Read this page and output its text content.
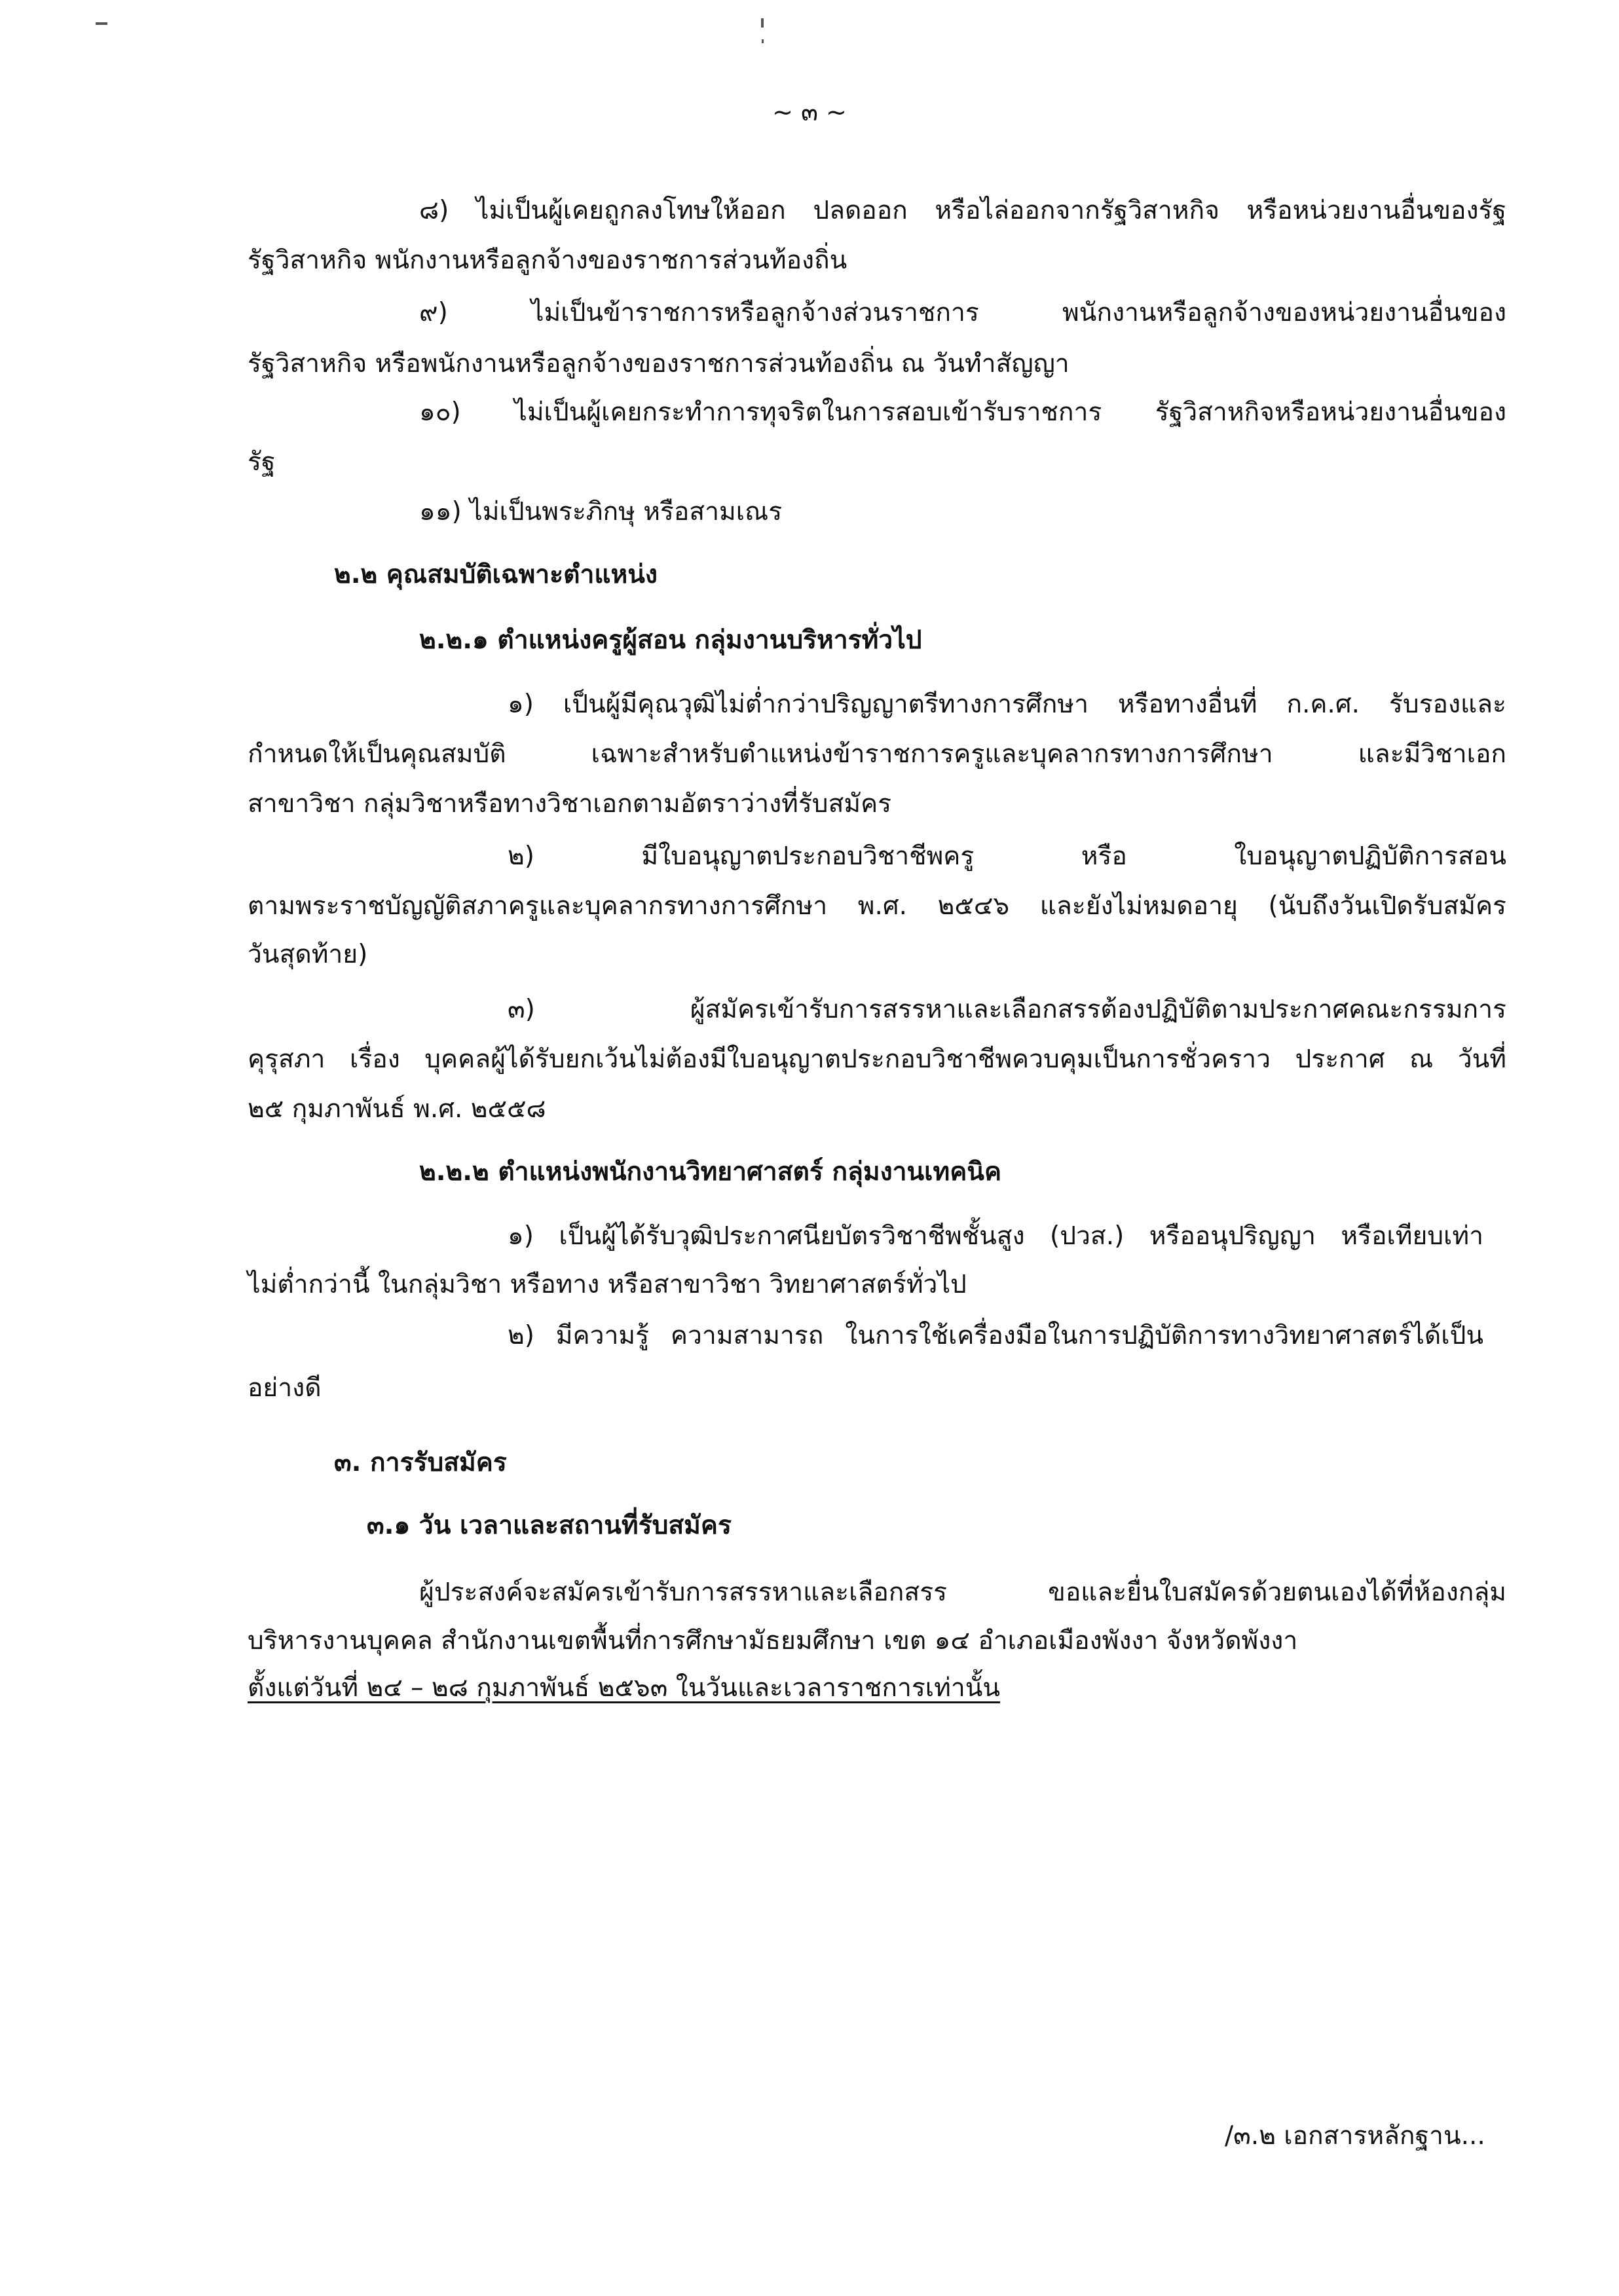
~ ๓ ~
๘) ไม่เป็นผู้เคยถูกลงโทษให้ออก ปลดออก หรือไล่ออกจากรัฐวิสาหกิจ หรือหน่วยงานอื่นของรัฐ
รัฐวิสาหกิจ พนักงานหรือลูกจ้างของราชการส่วนท้องถิ่น
๙) ไม่เป็นข้าราชการหรือลูกจ้างส่วนราชการ พนักงานหรือลูกจ้างของหน่วยงานอื่นของ
รัฐวิสาหกิจ หรือพนักงานหรือลูกจ้างของราชการส่วนท้องถิ่น ณ วันทำสัญญา
๑๐) ไม่เป็นผู้เคยกระทำการทุจริตในการสอบเข้ารับราชการ รัฐวิสาหกิจหรือหน่วยงานอื่นของ
รัฐ
๑๑) ไม่เป็นพระภิกษุ หรือสามเณร
๒.๒ คุณสมบัติเฉพาะตำแหน่ง
๒.๒.๑ ตำแหน่งครูผู้สอน กลุ่มงานบริหารทั่วไป
๑) เป็นผู้มีคุณวุฒิไม่ต่ำกว่าปริญญาตรีทางการศึกษา หรือทางอื่นที่ ก.ค.ศ. รับรองและ
กำหนดให้เป็นคุณสมบัติ เฉพาะสำหรับตำแหน่งข้าราชการครูและบุคลากรทางการศึกษา และมีวิชาเอก
สาขาวิชา กลุ่มวิชาหรือทางวิชาเอกตามอัตราว่างที่รับสมัคร
๒) มีใบอนุญาตประกอบวิชาชีพครู หรือ ใบอนุญาตปฏิบัติการสอน
ตามพระราชบัญญัติสภาครูและบุคลากรทางการศึกษา พ.ศ. ๒๕๔๖ และยังไม่หมดอายุ (นับถึงวันเปิดรับสมัคร
วันสุดท้าย)
๓) ผู้สมัครเข้ารับการสรรหาและเลือกสรรต้องปฏิบัติตามประกาศคณะกรรมการ
คุรุสภา เรื่อง บุคคลผู้ได้รับยกเว้นไม่ต้องมีใบอนุญาตประกอบวิชาชีพควบคุมเป็นการชั่วคราว ประกาศ ณ วันที่
๒๕ กุมภาพันธ์ พ.ศ. ๒๕๕๘
๒.๒.๒ ตำแหน่งพนักงานวิทยาศาสตร์ กลุ่มงานเทคนิค
๑) เป็นผู้ได้รับวุฒิประกาศนียบัตรวิชาชีพชั้นสูง (ปวส.) หรืออนุปริญญา หรือเทียบเท่า
ไม่ต่ำกว่านี้ ในกลุ่มวิชา หรือทาง หรือสาขาวิชา วิทยาศาสตร์ทั่วไป
๒) มีความรู้ ความสามารถ ในการใช้เครื่องมือในการปฏิบัติการทางวิทยาศาสตร์ได้เป็น
อย่างดี
๓. การรับสมัคร
๓.๑ วัน เวลาและสถานที่รับสมัคร
ผู้ประสงค์จะสมัครเข้ารับการสรรหาและเลือกสรร ขอและยื่นใบสมัครด้วยตนเองได้ที่ห้องกลุ่ม
บริหารงานบุคคล สำนักงานเขตพื้นที่การศึกษามัธยมศึกษา เขต ๑๔ อำเภอเมืองพังงา จังหวัดพังงา
ตั้งแต่วันที่ ๒๔ – ๒๘ กุมภาพันธ์ ๒๕๖๓ ในวันและเวลาราชการเท่านั้น
/๓.๒ เอกสารหลักฐาน...
